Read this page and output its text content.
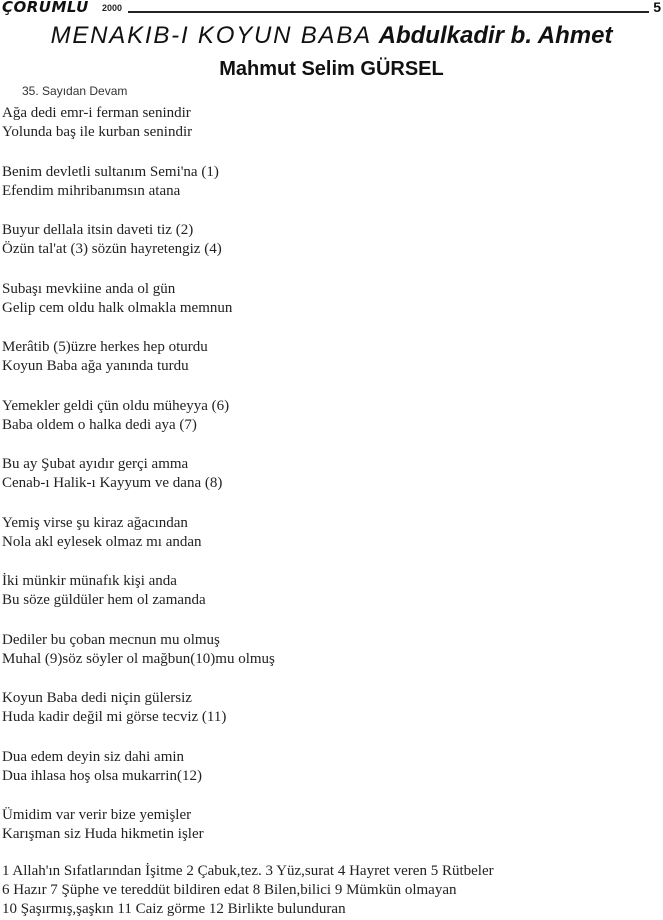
ÇORUMLU 2000	5
MENAKIB-I KOYUN BABA Abdulkadir b. Ahmet
Mahmut Selim GÜRSEL
35. Sayıdan Devam
Ağa dedi emr-i ferman senindir
Yolunda baş ile kurban senindir
Benim devletli sultanım Semi'na (1)
Efendim mihribanımsın atana
Buyur dellala itsin daveti tiz (2)
Özün tal'at (3) sözün hayretengiz (4)
Subaşı mevkiine anda ol gün
Gelip cem oldu halk olmakla memnun
Merâtib (5)üzre herkes hep oturdu
Koyun Baba ağa yanında turdu
Yemekler geldi çün oldu müheyya (6)
Baba oldem o halka dedi aya (7)
Bu ay Şubat ayıdır gerçi amma
Cenab-ı Halik-ı Kayyum ve dana (8)
Yemiş virse şu kiraz ağacından
Nola akl eylesek olmaz mı andan
İki münkir münafık kişi anda
Bu söze güldüler hem ol zamanda
Dediler bu çoban mecnun mu olmuş
Muhal (9)söz söyler ol mağbun(10)mu olmuş
Koyun Baba dedi niçin gülersiz
Huda kadir değil mi görse tecviz (11)
Dua edem deyin siz dahi amin
Dua ihlasa hoş olsa mukarrin(12)
Ümidim var verir bize yemişler
Karışman siz Huda hikmetin işler
1 Allah'ın Sıfatlarından İşitme 2 Çabuk,tez. 3 Yüz,surat 4 Hayret veren 5 Rütbeler
6 Hazır 7 Şüphe ve tereddüt bildiren edat 8 Bilen,bilici 9 Mümkün olmayan
10 Şaşırmış,şaşkın 11 Caiz görme 12 Birlikte bulunduran
